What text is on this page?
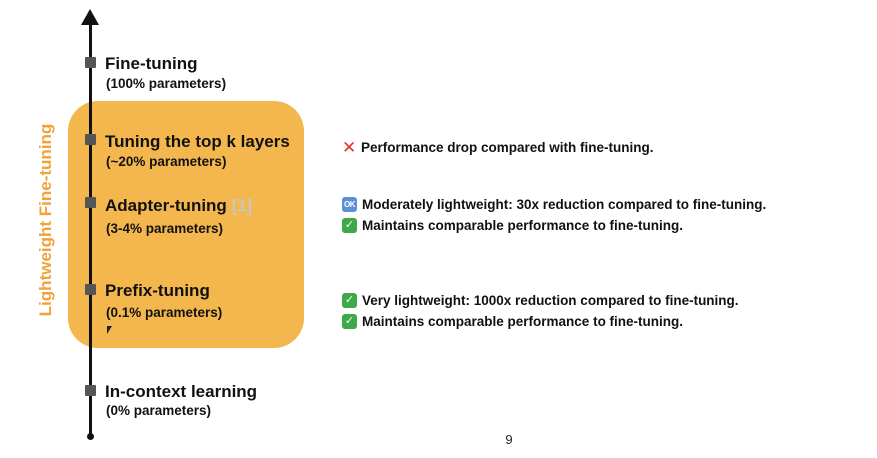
Lightweight Fine-tuning
Fine-tuning
(100% parameters)
Tuning the top k layers
(~20% parameters)
Adapter-tuning [1]
(3-4% parameters)
Prefix-tuning
(0.1% parameters)
In-context learning
(0% parameters)
✕ Performance drop compared with fine-tuning.
OK Moderately lightweight: 30x reduction compared to fine-tuning.
✓ Maintains comparable performance to fine-tuning.
✓ Very lightweight: 1000x reduction compared to fine-tuning.
✓ Maintains comparable performance to fine-tuning.
9
